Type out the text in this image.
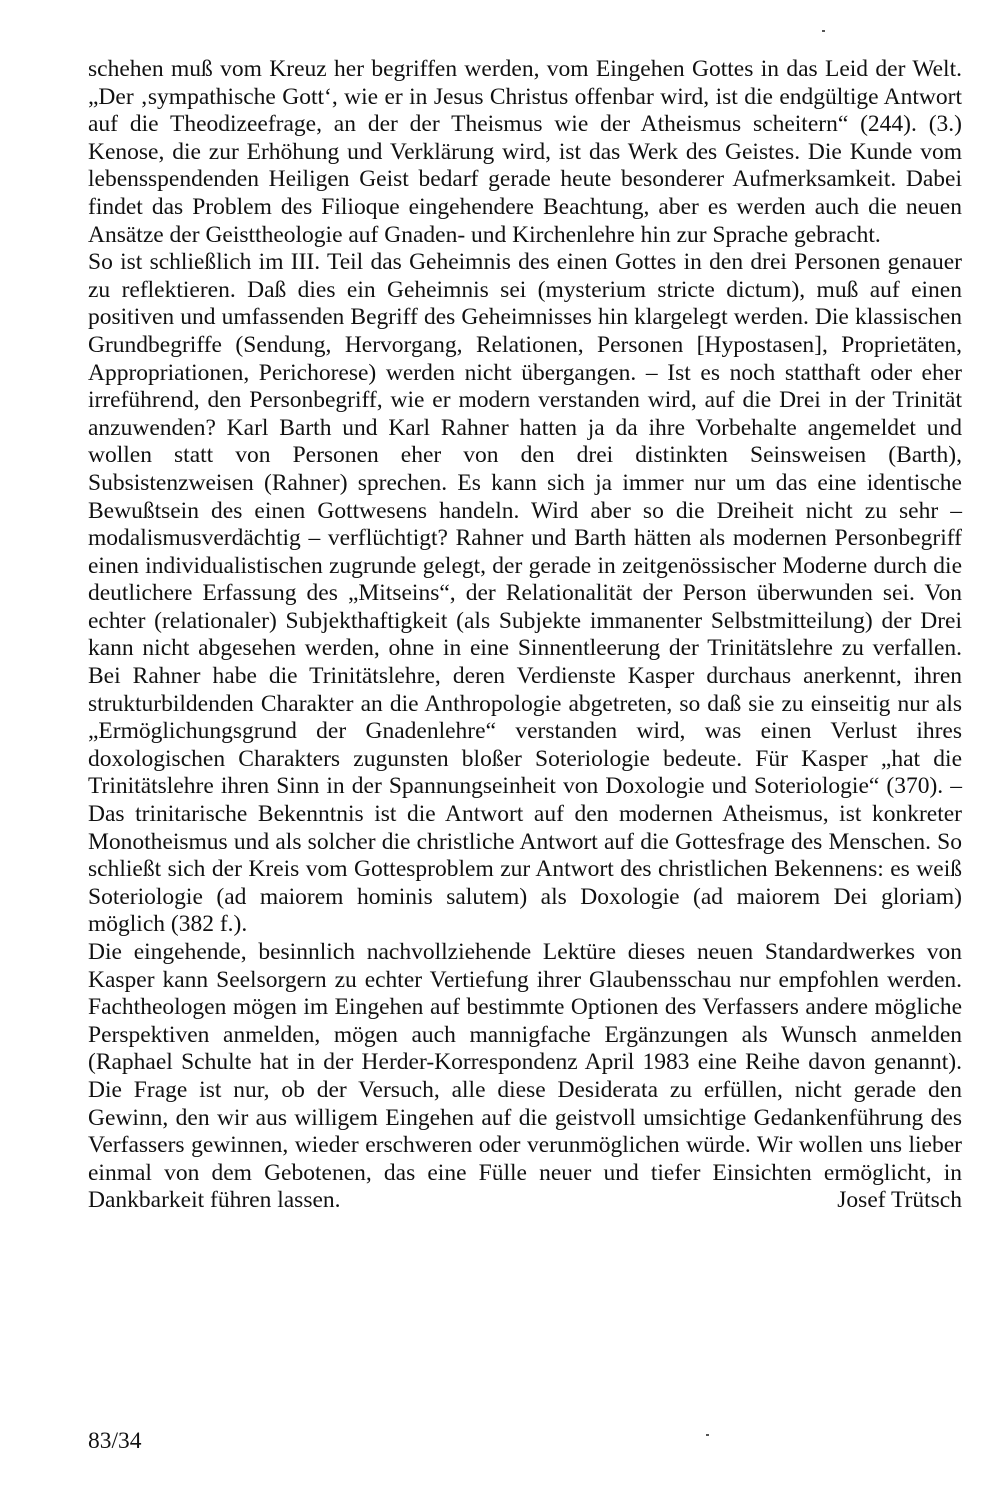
schehen muß vom Kreuz her begriffen werden, vom Eingehen Gottes in das Leid der Welt. „Der ‚sympathische Gott‘, wie er in Jesus Christus offenbar wird, ist die endgültige Antwort auf die Theodizeefrage, an der der Theismus wie der Atheismus scheitern“ (244). (3.) Kenose, die zur Erhöhung und Verklärung wird, ist das Werk des Geistes. Die Kunde vom lebensspendenden Heiligen Geist bedarf gerade heute besonderer Aufmerksamkeit. Dabei findet das Problem des Filioque eingehendere Beachtung, aber es werden auch die neuen Ansätze der Geisttheologie auf Gnaden- und Kirchenlehre hin zur Sprache gebracht.

So ist schließlich im III. Teil das Geheimnis des einen Gottes in den drei Personen genauer zu reflektieren. Daß dies ein Geheimnis sei (mysterium stricte dictum), muß auf einen positiven und umfassenden Begriff des Geheimnisses hin klargelegt werden. Die klassischen Grundbegriffe (Sendung, Hervorgang, Relationen, Personen [Hypostasen], Proprietäten, Appropriationen, Perichorese) werden nicht übergangen. – Ist es noch statthaft oder eher irreführend, den Personbegriff, wie er modern verstanden wird, auf die Drei in der Trinität anzuwenden? Karl Barth und Karl Rahner hatten ja da ihre Vorbehalte angemeldet und wollen statt von Personen eher von den drei distinkten Seinsweisen (Barth), Subsistenzweisen (Rahner) sprechen. Es kann sich ja immer nur um das eine identische Bewußtsein des einen Gottwesens handeln. Wird aber so die Dreiheit nicht zu sehr – modalismusverdächtig – verflüchtigt? Rahner und Barth hätten als modernen Personbegriff einen individualistischen zugrunde gelegt, der gerade in zeitgenössischer Moderne durch die deutlichere Erfassung des „Mitseins“, der Relationalität der Person überwunden sei. Von echter (relationaler) Subjekthaftigkeit (als Subjekte immanenter Selbstmitteilung) der Drei kann nicht abgesehen werden, ohne in eine Sinnentleerung der Trinitätslehre zu verfallen. Bei Rahner habe die Trinitätslehre, deren Verdienste Kasper durchaus anerkennt, ihren strukturbildenden Charakter an die Anthropologie abgetreten, so daß sie zu einseitig nur als „Ermöglichungsgrund der Gnadenlehre“ verstanden wird, was einen Verlust ihres doxologischen Charakters zugunsten bloßer Soteriologie bedeute. Für Kasper „hat die Trinitätslehre ihren Sinn in der Spannungseinheit von Doxologie und Soteriologie“ (370). – Das trinitarische Bekenntnis ist die Antwort auf den modernen Atheismus, ist konkreter Monotheismus und als solcher die christliche Antwort auf die Gottesfrage des Menschen. So schließt sich der Kreis vom Gottesproblem zur Antwort des christlichen Bekennens: es weiß Soteriologie (ad maiorem hominis salutem) als Doxologie (ad maiorem Dei gloriam) möglich (382 f.).

Die eingehende, besinnlich nachvollziehende Lektüre dieses neuen Standardwerkes von Kasper kann Seelsorgern zu echter Vertiefung ihrer Glaubensschau nur empfohlen werden. Fachtheologen mögen im Eingehen auf bestimmte Optionen des Verfassers andere mögliche Perspektiven anmelden, mögen auch mannigfache Ergänzungen als Wunsch anmelden (Raphael Schulte hat in der Herder-Korrespondenz April 1983 eine Reihe davon genannt). Die Frage ist nur, ob der Versuch, alle diese Desiderata zu erfüllen, nicht gerade den Gewinn, den wir aus willigem Eingehen auf die geistvoll umsichtige Gedankenführung des Verfassers gewinnen, wieder erschweren oder verunmöglichen würde. Wir wollen uns lieber einmal von dem Gebotenen, das eine Fülle neuer und tiefer Einsichten ermöglicht, in Dankbarkeit führen lassen.	Josef Trütsch

83/34
